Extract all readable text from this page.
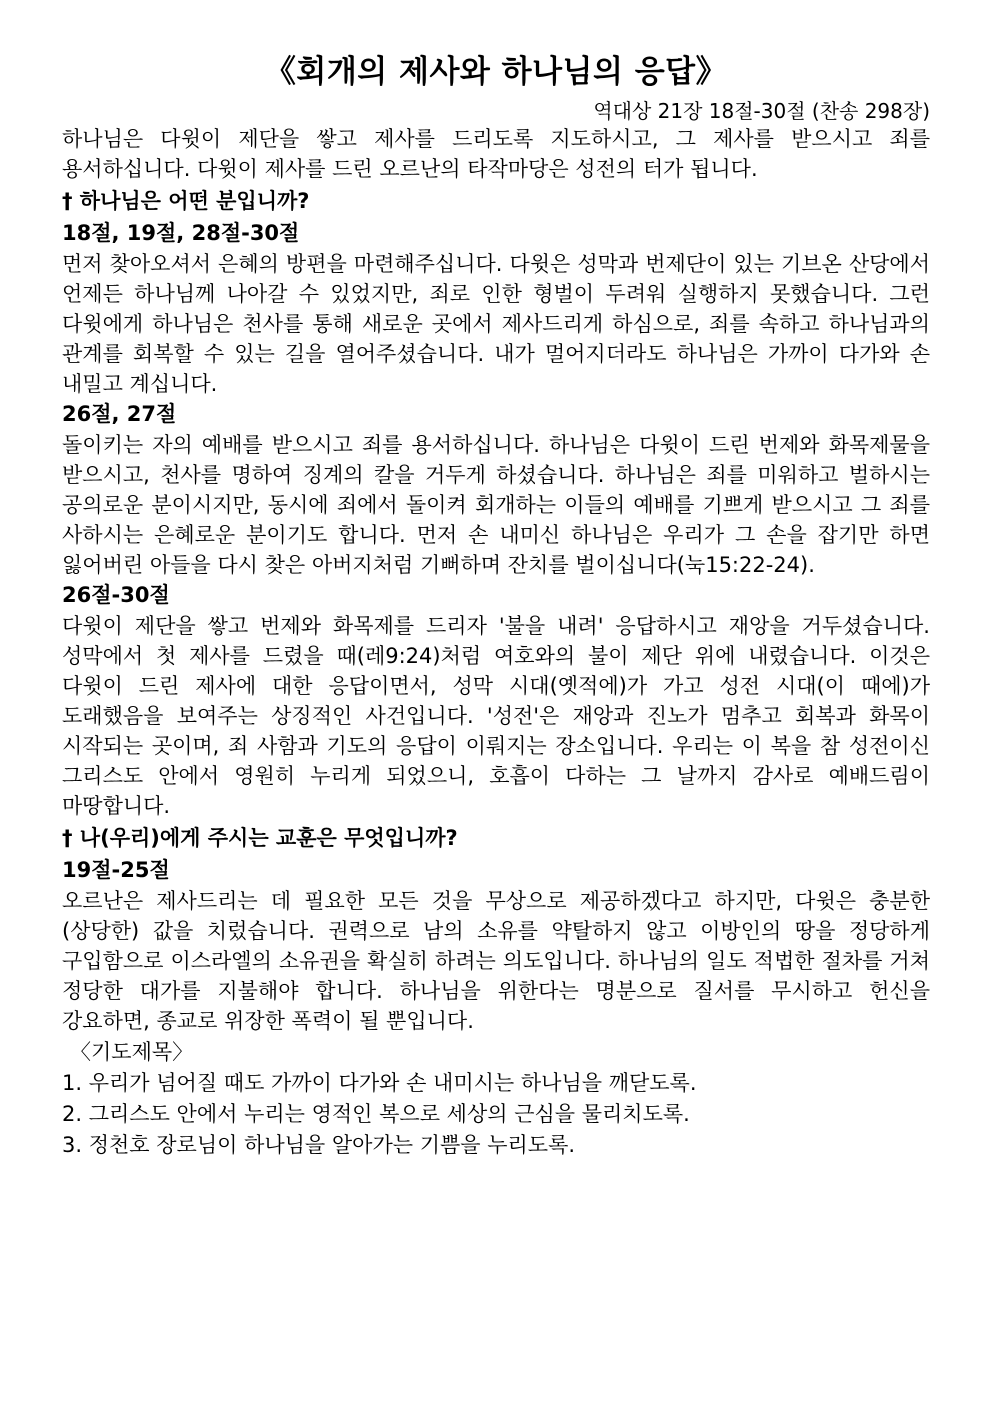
《회개의 제사와 하나님의 응답》
역대상 21장 18절-30절 (찬송 298장)

하나님은 다윗이 제단을 쌓고 제사를 드리도록 지도하시고, 그 제사를 받으시고 죄를 용서하십니다. 다윗이 제사를 드린 오르난의 타작마당은 성전의 터가 됩니다.

† 하나님은 어떤 분입니까?
18절, 19절, 28절-30절

먼저 찾아오셔서 은혜의 방편을 마련해주십니다. 다윗은 성막과 번제단이 있는 기브온 산당에서 언제든 하나님께 나아갈 수 있었지만, 죄로 인한 형벌이 두려워 실행하지 못했습니다. 그런 다윗에게 하나님은 천사를 통해 새로운 곳에서 제사드리게 하심으로, 죄를 속하고 하나님과의 관계를 회복할 수 있는 길을 열어주셨습니다. 내가 멀어지더라도 하나님은 가까이 다가와 손 내밀고 계십니다.

26절, 27절

돌이키는 자의 예배를 받으시고 죄를 용서하십니다. 하나님은 다윗이 드린 번제와 화목제물을 받으시고, 천사를 명하여 징계의 칼을 거두게 하셨습니다. 하나님은 죄를 미워하고 벌하시는 공의로운 분이시지만, 동시에 죄에서 돌이켜 회개하는 이들의 예배를 기쁘게 받으시고 그 죄를 사하시는 은혜로운 분이기도 합니다. 먼저 손 내미신 하나님은 우리가 그 손을 잡기만 하면 잃어버린 아들을 다시 찾은 아버지처럼 기뻐하며 잔치를 벌이십니다(눅15:22-24).

26절-30절

다윗이 제단을 쌓고 번제와 화목제를 드리자 '불을 내려' 응답하시고 재앙을 거두셨습니다. 성막에서 첫 제사를 드렸을 때(레9:24)처럼 여호와의 불이 제단 위에 내렸습니다. 이것은 다윗이 드린 제사에 대한 응답이면서, 성막 시대(옛적에)가 가고 성전 시대(이 때에)가 도래했음을 보여주는 상징적인 사건입니다. '성전'은 재앙과 진노가 멈추고 회복과 화목이 시작되는 곳이며, 죄 사함과 기도의 응답이 이뤄지는 장소입니다. 우리는 이 복을 참 성전이신 그리스도 안에서 영원히 누리게 되었으니, 호흡이 다하는 그 날까지 감사로 예배드림이 마땅합니다.

† 나(우리)에게 주시는 교훈은 무엇입니까?
19절-25절

오르난은 제사드리는 데 필요한 모든 것을 무상으로 제공하겠다고 하지만, 다윗은 충분한(상당한) 값을 치렀습니다. 권력으로 남의 소유를 약탈하지 않고 이방인의 땅을 정당하게 구입함으로 이스라엘의 소유권을 확실히 하려는 의도입니다. 하나님의 일도 적법한 절차를 거쳐 정당한 대가를 지불해야 합니다. 하나님을 위한다는 명분으로 질서를 무시하고 헌신을 강요하면, 종교로 위장한 폭력이 될 뿐입니다.

〈기도제목〉
1. 우리가 넘어질 때도 가까이 다가와 손 내미시는 하나님을 깨닫도록.
2. 그리스도 안에서 누리는 영적인 복으로 세상의 근심을 물리치도록.
3. 정천호 장로님이 하나님을 알아가는 기쁨을 누리도록.
